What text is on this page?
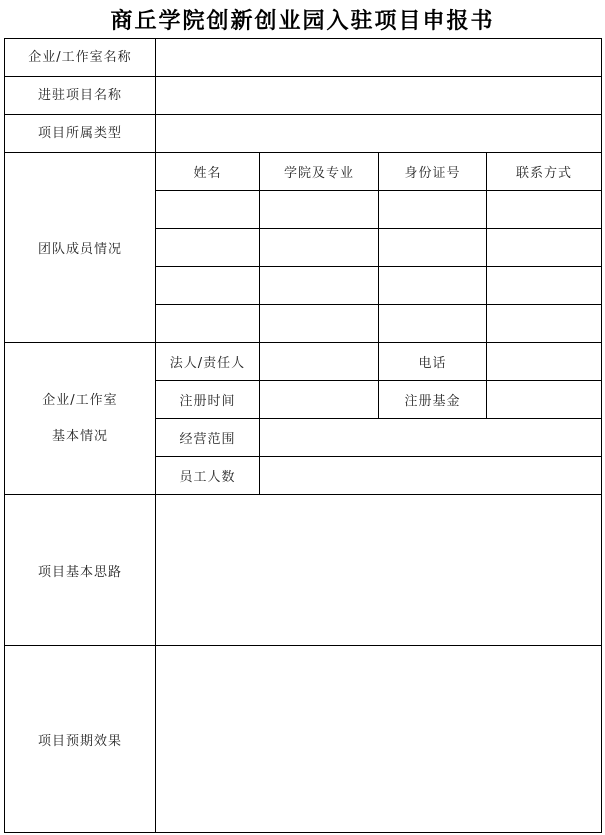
商丘学院创新创业园入驻项目申报书
企业/工作室名称				
进驻项目名称				
项目所属类型				
团队成员情况	姓名	学院及专业	身份证号	联系方式

企业/工作室
基本情况	法人/责任人		电话	
	注册时间		注册基金	
	经营范围			
	员工人数			
项目基本思路				
项目预期效果				
